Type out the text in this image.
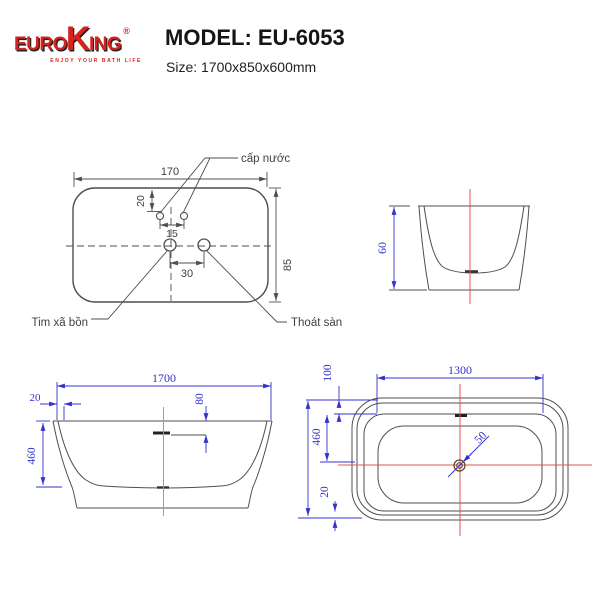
EURO K ING
®
ENJOY YOUR BATH LIFE
MODEL: EU-6053
Size: 1700x850x600mm
170
85
20
15
30
cấp nước
Tim xã bồn	Thoát sàn
60
1700
20
460
80
50
1300
100
460
20
